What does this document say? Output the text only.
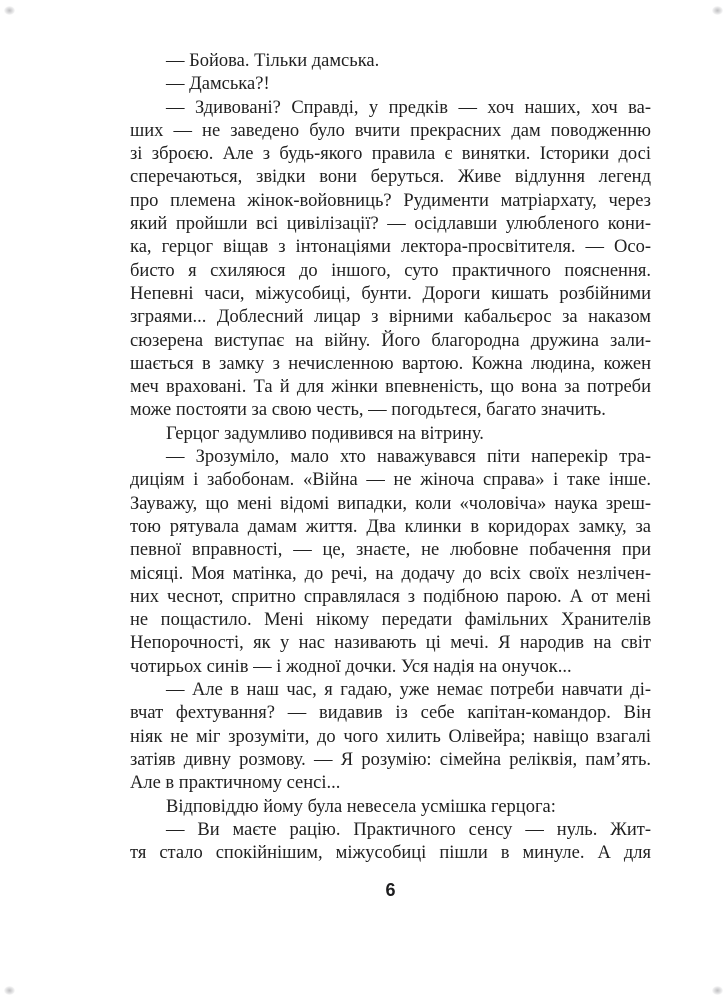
— Бойова. Тільки дамська.
— Дамська?!
— Здивовані? Справді, у предків — хоч наших, хоч ва-
ших — не заведено було вчити прекрасних дам поводженню
зі зброєю. Але з будь-якого правила є винятки. Історики досі
сперечаються, звідки вони беруться. Живе відлуння легенд
про племена жінок-войовниць? Рудименти матріархату, через
який пройшли всі цивілізації? — осідлавши улюбленого кони-
ка, герцог віщав з інтонаціями лектора-просвітителя. — Осо-
бисто я схиляюся до іншого, суто практичного пояснення.
Непевні часи, міжусобиці, бунти. Дороги кишать розбійними
зграями... Доблесний лицар з вірними кабальєрос за наказом
сюзерена виступає на війну. Його благородна дружина зали-
шається в замку з нечисленною вартою. Кожна людина, кожен
меч враховані. Та й для жінки впевненість, що вона за потреби
може постояти за свою честь, — погодьтеся, багато значить.
Герцог задумливо подивився на вітрину.
— Зрозуміло, мало хто наважувався піти наперекір тра-
диціям і забобонам. «Війна — не жіноча справа» і таке інше.
Зауважу, що мені відомі випадки, коли «чоловіча» наука зреш-
тою рятувала дамам життя. Два клинки в коридорах замку, за
певної вправності, — це, знаєте, не любовне побачення при
місяці. Моя матінка, до речі, на додачу до всіх своїх незлічен-
них чеснот, спритно справлялася з подібною парою. А от мені
не пощастило. Мені нікому передати фамільних Хранителів
Непорочності, як у нас називають ці мечі. Я народив на світ
чотирьох синів — і жодної дочки. Уся надія на онучок...
— Але в наш час, я гадаю, уже немає потреби навчати ді-
вчат фехтування? — видавив із себе капітан-командор. Він
ніяк не міг зрозуміти, до чого хилить Олівейра; навіщо взагалі
затіяв дивну розмову. — Я розумію: сімейна реліквія, пам’ять.
Але в практичному сенсі...
Відповіддю йому була невесела усмішка герцога:
— Ви маєте рацію. Практичного сенсу — нуль. Жит-
тя стало спокійнішим, міжусобиці пішли в минуле. А для
6
